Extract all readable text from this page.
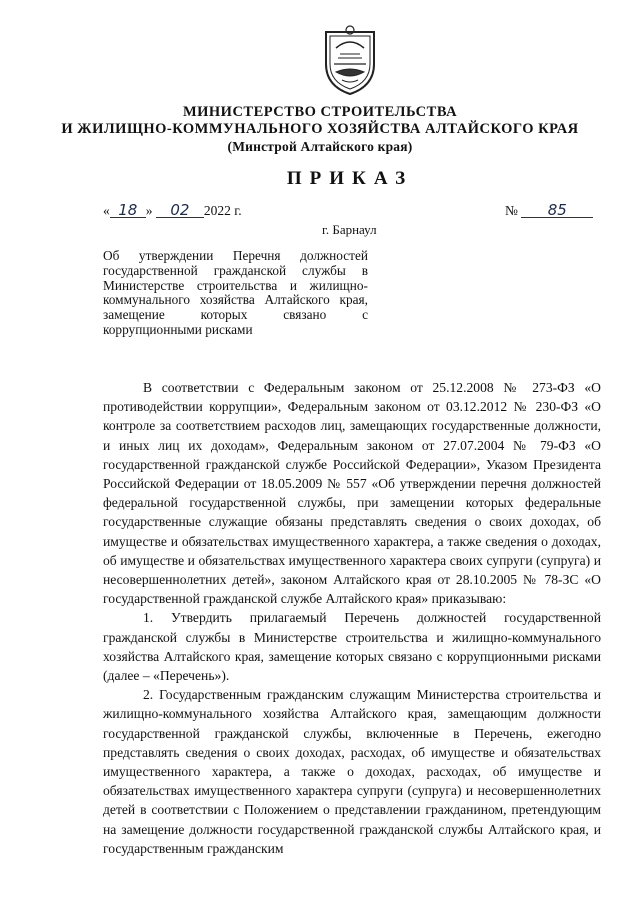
МИНИСТЕРСТВО СТРОИТЕЛЬСТВА
И ЖИЛИЩНО-КОММУНАЛЬНОГО ХОЗЯЙСТВА АЛТАЙСКОГО КРАЯ
(Минстрой Алтайского края)
ПРИКАЗ
« 18 » 02 2022 г.	№ 85
г. Барнаул
Об утверждении Перечня должностей государственной гражданской службы в Министерстве строительства и жилищно-коммунального хозяйства Алтайского края, замещение которых связано с коррупционными рисками

В соответствии с Федеральным законом от 25.12.2008 № 273-ФЗ «О противодействии коррупции», Федеральным законом от 03.12.2012 № 230-ФЗ «О контроле за соответствием расходов лиц, замещающих государственные должности, и иных лиц их доходам», Федеральным законом от 27.07.2004 № 79-ФЗ «О государственной гражданской службе Российской Федерации», Указом Президента Российской Федерации от 18.05.2009 № 557 «Об утверждении перечня должностей федеральной государственной службы, при замещении которых федеральные государственные служащие обязаны представлять сведения о своих доходах, об имуществе и обязательствах имущественного характера, а также сведения о доходах, об имуществе и обязательствах имущественного характера своих супруги (супруга) и несовершеннолетних детей», законом Алтайского края от 28.10.2005 № 78-ЗС «О государственной гражданской службе Алтайского края» приказываю:

1. Утвердить прилагаемый Перечень должностей государственной гражданской службы в Министерстве строительства и жилищно-коммунального хозяйства Алтайского края, замещение которых связано с коррупционными рисками (далее – «Перечень»).

2. Государственным гражданским служащим Министерства строительства и жилищно-коммунального хозяйства Алтайского края, замещающим должности государственной гражданской службы, включенные в Перечень, ежегодно представлять сведения о своих доходах, расходах, об имуществе и обязательствах имущественного характера, а также о доходах, расходах, об имуществе и обязательствах имущественного характера супруги (супруга) и несовершеннолетних детей в соответствии с Положением о представлении гражданином, претендующим на замещение должности государственной гражданской службы Алтайского края, и государственным гражданским
